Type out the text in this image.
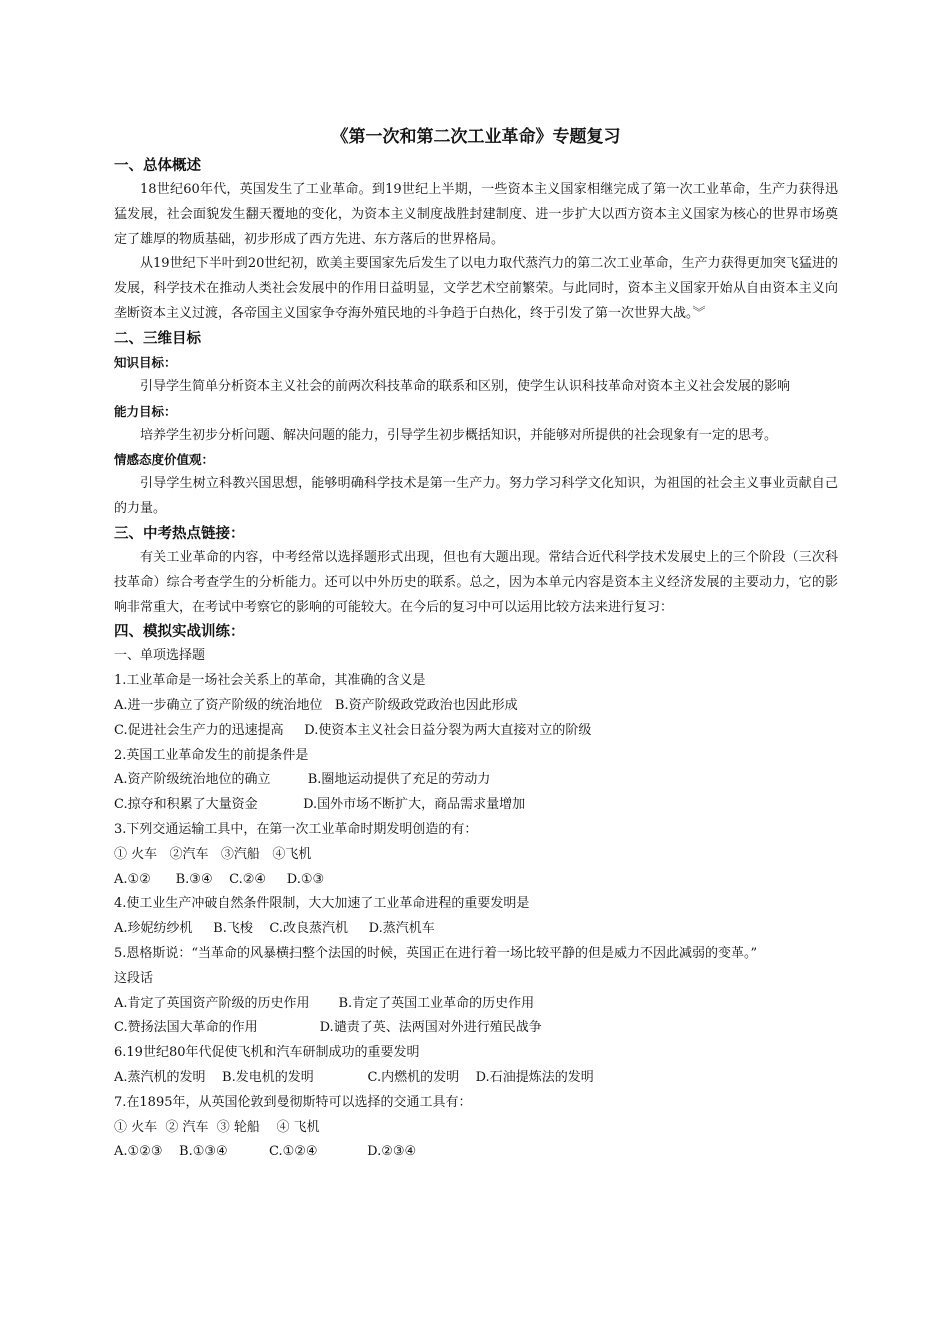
《第一次和第二次工业革命》专题复习
一、总体概述

18世纪60年代，英国发生了工业革命。到19世纪上半期，一些资本主义国家相继完成了第一次工业革命，生产力获得迅猛发展，社会面貌发生翻天覆地的变化，为资本主义制度战胜封建制度、进一步扩大以西方资本主义国家为核心的世界市场奠定了雄厚的物质基础，初步形成了西方先进、东方落后的世界格局。

从19世纪下半叶到20世纪初，欧美主要国家先后发生了以电力取代蒸汽力的第二次工业革命，生产力获得更加突飞猛进的发展，科学技术在推动人类社会发展中的作用日益明显，文学艺术空前繁荣。与此同时，资本主义国家开始从自由资本主义向垄断资本主义过渡，各帝国主义国家争夺海外殖民地的斗争趋于白热化，终于引发了第一次世界大战。︾

二、三维目标
知识目标：

引导学生简单分析资本主义社会的前两次科技革命的联系和区别，使学生认识科技革命对资本主义社会发展的影响

能力目标：

培养学生初步分析问题、解决问题的能力，引导学生初步概括知识，并能够对所提供的社会现象有一定的思考。

情感态度价值观：

引导学生树立科教兴国思想，能够明确科学技术是第一生产力。努力学习科学文化知识，为祖国的社会主义事业贡献自己的力量。

三、中考热点链接：

有关工业革命的内容，中考经常以选择题形式出现，但也有大题出现。常结合近代科学技术发展史上的三个阶段（三次科技革命）综合考查学生的分析能力。还可以中外历史的联系。总之，因为本单元内容是资本主义经济发展的主要动力，它的影响非常重大，在考试中考察它的影响的可能较大。在今后的复习中可以运用比较方法来进行复习：

四、模拟实战训练：
一、单项选择题
1.工业革命是一场社会关系上的革命，其准确的含义是
A.进一步确立了资产阶级的统治地位   B.资产阶级政党政治也因此形成
C.促进社会生产力的迅速提高     D.使资本主义社会日益分裂为两大直接对立的阶级
2.英国工业革命发生的前提条件是
A.资产阶级统治地位的确立         B.圈地运动提供了充足的劳动力
C.掠夺和积累了大量资金           D.国外市场不断扩大，商品需求量增加
3.下列交通运输工具中，在第一次工业革命时期发明创造的有：
① 火车   ②汽车   ③汽船   ④飞机
A.①②      B.③④    C.②④     D.①③
4.使工业生产冲破自然条件限制，大大加速了工业革命进程的重要发明是
A.珍妮纺纱机     B.飞梭    C.改良蒸汽机     D.蒸汽机车
5.恩格斯说：“当革命的风暴横扫整个法国的时候，英国正在进行着一场比较平静的但是威力不因此减弱的变革。”
这段话
A.肯定了英国资产阶级的历史作用       B.肯定了英国工业革命的历史作用
C.赞扬法国大革命的作用               D.谴责了英、法两国对外进行殖民战争
6.19世纪80年代促使飞机和汽车研制成功的重要发明
A.蒸汽机的发明    B.发电机的发明             C.内燃机的发明    D.石油提炼法的发明
7.在1895年，从英国伦敦到曼彻斯特可以选择的交通工具有：
① 火车  ② 汽车  ③ 轮船    ④ 飞机
A.①②③    B.①③④          C.①②④            D.②③④
